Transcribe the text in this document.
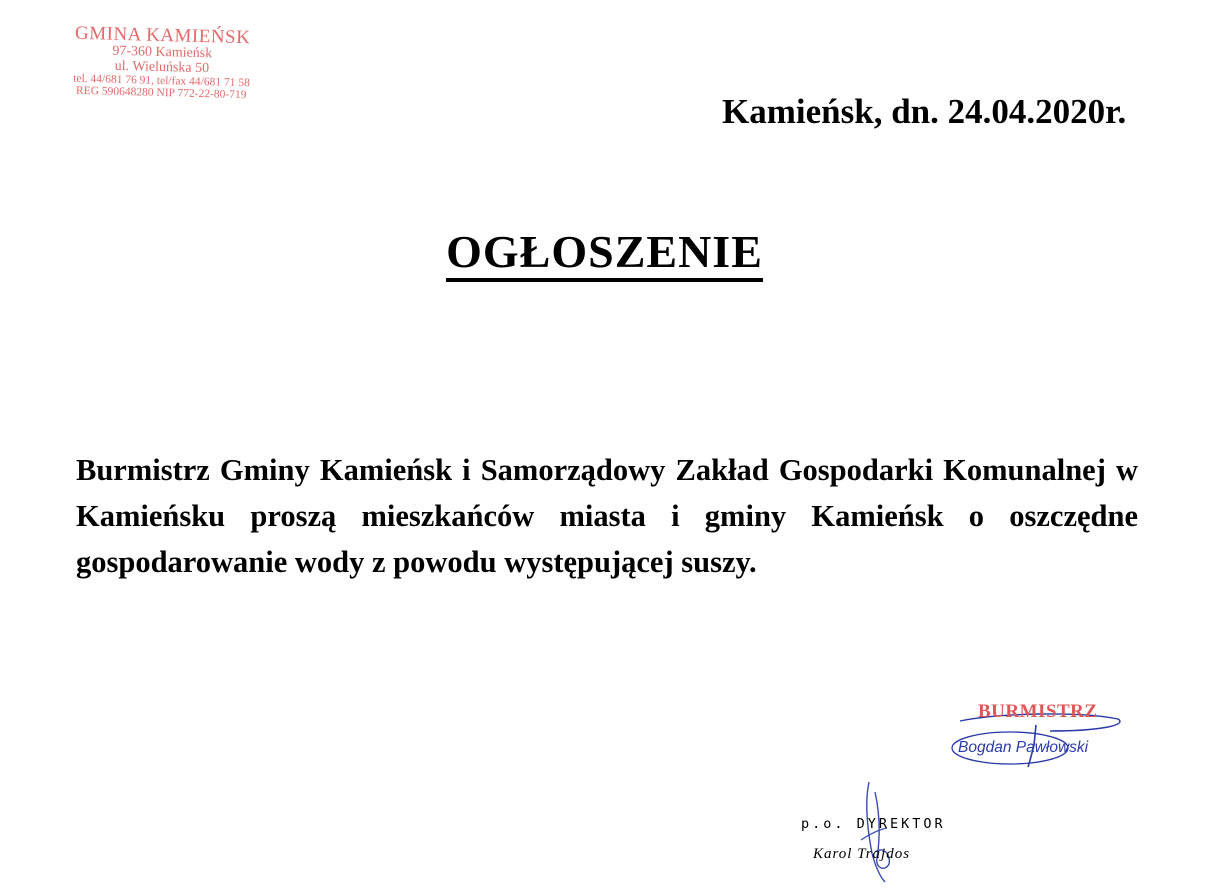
GMINA KAMIEŃSK
97-360 Kamieńsk
ul. Wieluńska 50
tel. 44/681 76 91, tel/fax 44/681 71 58
REG 590648280 NIP 772-22-80-719	Kamieńsk, dn. 24.04.2020r.
OGŁOSZENIE
Burmistrz Gminy Kamieńsk i Samorządowy Zakład Gospodarki Komunalnej w Kamieńsku proszą mieszkańców miasta i gminy Kamieńsk o oszczędne gospodarowanie wody z powodu występującej suszy.
BURMISTRZ
Bogdan Pawłowski
p.o. DYREKTOR
Karol Trajdos
